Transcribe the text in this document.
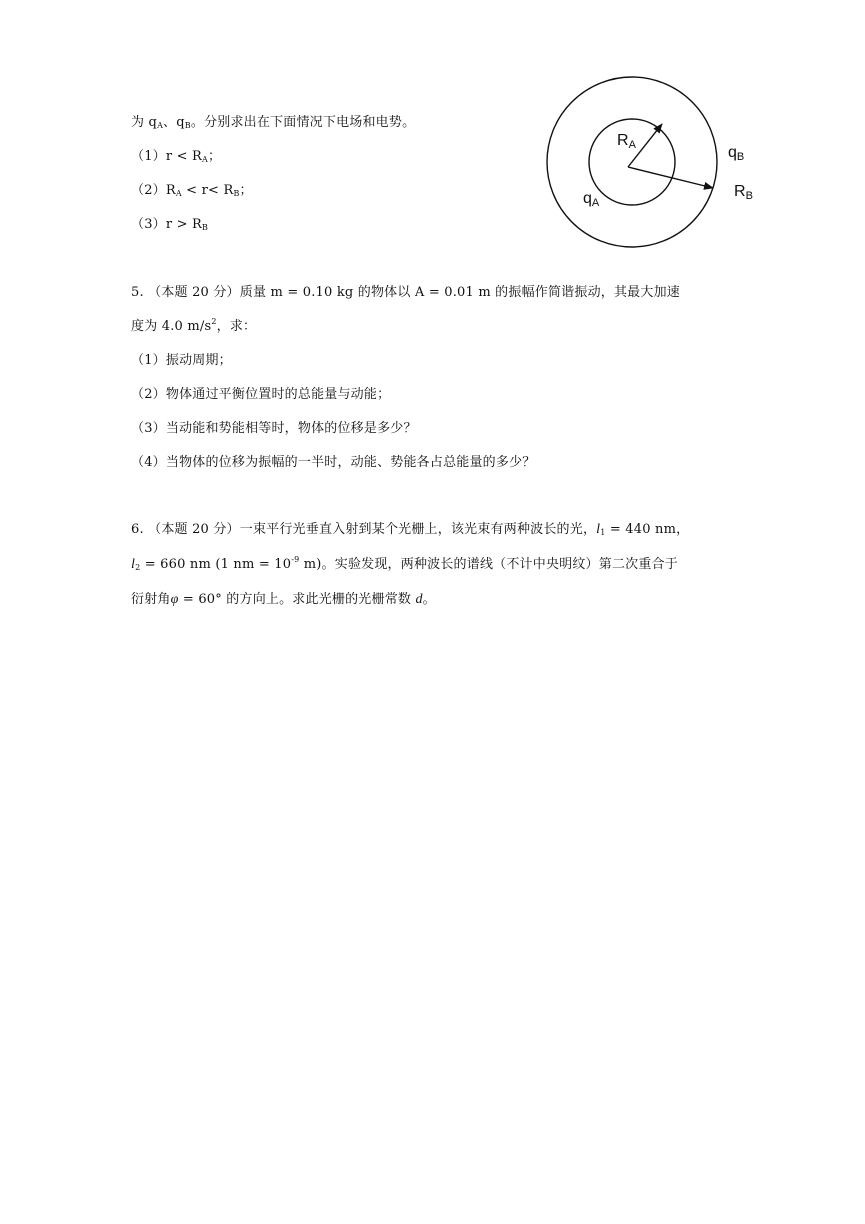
为 $q_A$、$q_B$。分别求出在下面情况下电场和电势。
$(1)r < R_A$；
$(2)R_A < r< R_B$；
$(3)r > R_B$
RA
qA
qB
RB
5. （本题 20 分）质量 m = 0.10 kg 的物体以 A = 0.01 m 的振幅作简谐振动，其最大加速
度为 4.0 $m/s^2$，求：
（1）振动周期；
（2）物体通过平衡位置时的总能量与动能；
（3）当动能和势能相等时，物体的位移是多少？
（4）当物体的位移为振幅的一半时，动能、势能各占总能量的多少？
6. （本题 20 分）一束平行光垂直入射到某个光栅上，该光束有两种波长的光，$l_1 = 440$ nm，
$l_2 = 660$ nm (1 nm = $10^{-9}$ m)。实验发现，两种波长的谱线（不计中央明纹）第二次重合于
衍射角φ = 60° 的方向上。求此光栅的光栅常数 d。
